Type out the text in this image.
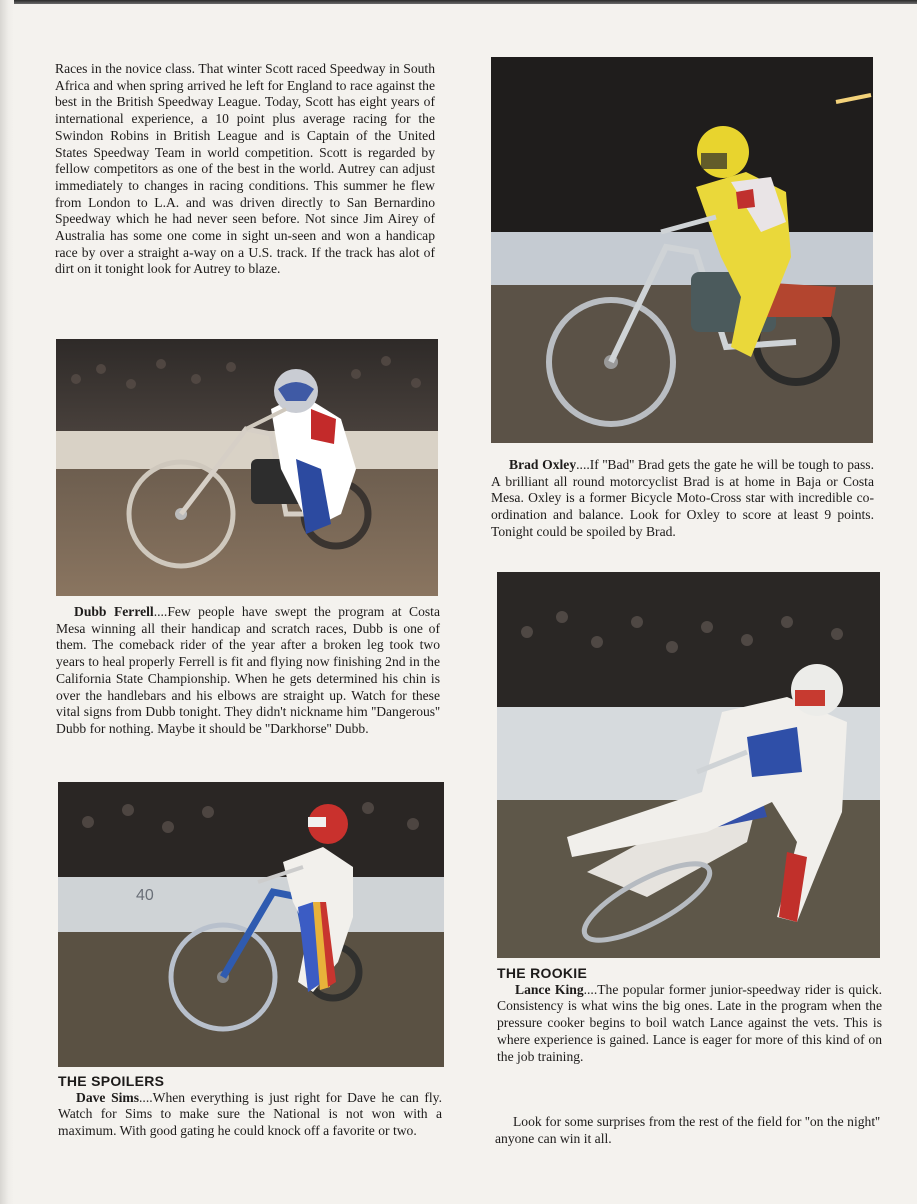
Races in the novice class. That winter Scott raced Speedway in South Africa and when spring arrived he left for England to race against the best in the British Speedway League. Today, Scott has eight years of international experience, a 10 point plus average racing for the Swindon Robins in British League and is Captain of the United States Speedway Team in world competition. Scott is regarded by fellow competitors as one of the best in the world. Autrey can adjust immediately to changes in racing conditions. This summer he flew from London to L.A. and was driven directly to San Bernardino Speedway which he had never seen before. Not since Jim Airey of Australia has some one come in sight un-seen and won a handicap race by over a straight a-way on a U.S. track. If the track has alot of dirt on it tonight look for Autrey to blaze.

Dubb Ferrell....Few people have swept the program at Costa Mesa winning all their handicap and scratch races, Dubb is one of them. The comeback rider of the year after a broken leg took two years to heal properly Ferrell is fit and flying now finishing 2nd in the California State Championship. When he gets determined his chin is over the handlebars and his elbows are straight up. Watch for these vital signs from Dubb tonight. They didn't nickname him ''Dangerous'' Dubb for nothing. Maybe it should be ''Darkhorse'' Dubb.

40

THE SPOILERS

Dave Sims....When everything is just right for Dave he can fly. Watch for Sims to make sure the National is not won with a maximum. With good gating he could knock off a favorite or two.

Brad Oxley....If ''Bad'' Brad gets the gate he will be tough to pass. A brilliant all round motorcyclist Brad is at home in Baja or Costa Mesa. Oxley is a former Bicycle Moto-Cross star with incredible co-ordination and balance. Look for Oxley to score at least 9 points. Tonight could be spoiled by Brad.

THE ROOKIE

Lance King....The popular former junior-speedway rider is quick. Consistency is what wins the big ones. Late in the program when the pressure cooker begins to boil watch Lance against the vets. This is where experience is gained. Lance is eager for more of this kind of on the job training.

Look for some surprises from the rest of the field for ''on the night'' anyone can win it all.
